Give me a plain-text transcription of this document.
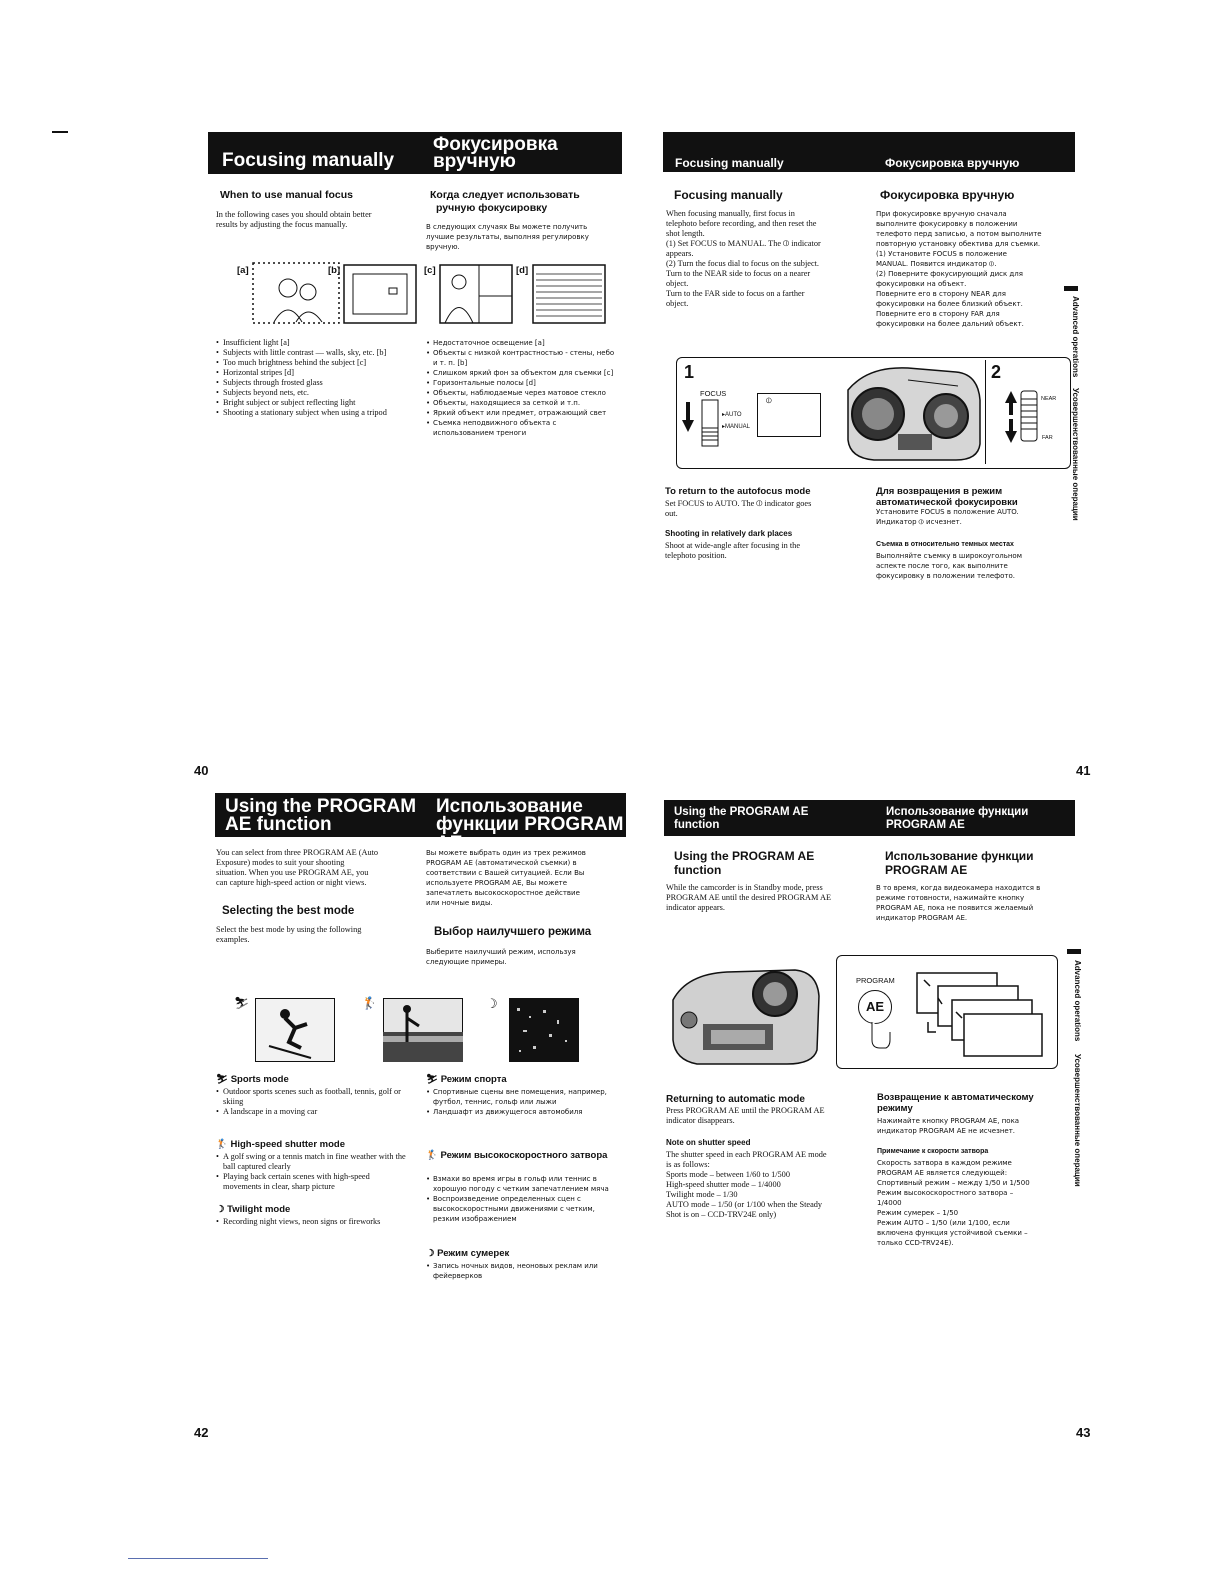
Focusing manually
Фокусировка
вручную
When to use manual focus	Когда следует использовать
ручную фокусировку
In the following cases you should obtain better
results by adjusting the focus manually.	В следующих случаях Вы можете получить
лучшие результаты, выполняя регулировку
вручную.
[a]	[b]	[c]	[d]
• Insufficient light [a]
• Subjects with little contrast — walls, sky, etc. [b]
• Too much brightness behind the subject [c]
• Horizontal stripes [d]
• Subjects through frosted glass
• Subjects beyond nets, etc.
• Bright subject or subject reflecting light
• Shooting a stationary subject when using a tripod
• Недостаточное освещение [a]
• Объекты с низкой контрастностью - стены, небо и т. п. [b]
• Слишком яркий фон за объектом для съемки [c]
• Горизонтальные полосы [d]
• Объекты, наблюдаемые через матовое стекло
• Объекты, находящиеся за сеткой и т.п.
• Яркий объект или предмет, отражающий свет
• Съемка неподвижного объекта с использованием треноги
40
Focusing manually	Фокусировка вручную
Focusing manually	Фокусировка вручную
When focusing manually, first focus in
telephoto before recording, and then reset the
shot length.
(1) Set FOCUS to MANUAL. The ⦶ indicator
appears.
(2) Turn the focus dial to focus on the subject.
Turn to the NEAR side to focus on a nearer
object.
Turn to the FAR side to focus on a farther
object.
При фокусировке вручную сначала
выполните фокусировку в положении
телефото перд записью, а потом выполните
повторную установку обектива для съемки.
(1) Установите FOCUS в положение
MANUAL. Появится индикатор ⦶.
(2) Поверните фокусирующий диск для
фокусировки на объект.
Поверните его в сторону NEAR для
фокусировки на более близкий объект.
Поверните его в сторону FAR для
фокусировки на более дальний объект.
1
FOCUS
▸AUTO
▸MANUAL
⦶
2
NEAR
FAR
To return to the autofocus mode
Set FOCUS to AUTO. The ⦶ indicator goes
out.
Для возвращения в режим
автоматической фокусировки
Установите FOCUS в положение AUTO.
Индикатор ⦶ исчезнет.
Shooting in relatively dark places
Shoot at wide-angle after focusing in the
telephoto position.
Съемка в относительно темных местах
Выполняйте съемку в широкоугольном
аспекте после того, как выполните
фокусировку в положении телефото.
Advanced operations
Усовершенствованные операции
41
Using the PROGRAM
AE function
Использование
функции PROGRAM AE
You can select from three PROGRAM AE (Auto
Exposure) modes to suit your shooting
situation. When you use PROGRAM AE, you
can capture high-speed action or night views.
Вы можете выбрать один из трех режимов
PROGRAM AE (автоматической съемки) в
соответствии с Вашей ситуацией. Если Вы
используете PROGRAM AE, Вы можете
запечатлеть высокоскоростное действие
или ночные виды.
Selecting the best mode
Select the best mode by using the following
examples.
Выбор наилучшего режима
Выберите наилучший режим, используя
следующие примеры.
⛷	🏌	☽
⛷ Sports mode
• Outdoor sports scenes such as football, tennis, golf or skiing
• A landscape in a moving car
🏌 High-speed shutter mode
• A golf swing or a tennis match in fine weather with the ball captured clearly
• Playing back certain scenes with high-speed movements in clear, sharp picture
☽ Twilight mode
• Recording night views, neon signs or fireworks
⛷ Режим спорта
• Спортивные сцены вне помещения, например, футбол, теннис, гольф или лыжи
• Ландшафт из движущегося автомобиля
🏌 Режим высокоскоростного затвора
• Взмахи во время игры в гольф или теннис в хорошую погоду с четким запечатлением мяча
• Воспроизведение определенных сцен с высокоскоростными движениями с четким, резким изображением
☽ Режим сумерек
• Запись ночных видов, неоновых реклам или фейерверков
42
Using the PROGRAM AE
function
Использование функции
PROGRAM AE
Using the PROGRAM AE
function
Использование функции
PROGRAM AE
While the camcorder is in Standby mode, press
PROGRAM AE until the desired PROGRAM AE
indicator appears.
В то время, когда видеокамера находится в
режиме готовности, нажимайте кнопку
PROGRAM AE, пока не появится желаемый
индикатор PROGRAM AE.
PROGRAM
AE
Returning to automatic mode
Press PROGRAM AE until the PROGRAM AE
indicator disappears.
Note on shutter speed
The shutter speed in each PROGRAM AE mode
is as follows:
Sports mode – between 1/60 to 1/500
High-speed shutter mode – 1/4000
Twilight mode – 1/30
AUTO mode – 1/50 (or 1/100 when the Steady
Shot is on – CCD-TRV24E only)
Возвращение к автоматическому
режиму
Нажимайте кнопку PROGRAM AE, пока
индикатор PROGRAM AE не исчезнет.
Примечание к скорости затвора
Скорость затвора в каждом режиме
PROGRAM AE является следующей:
Спортивный режим – между 1/50 и 1/500
Режим высокоскоростного затвора –
1/4000
Режим сумерек – 1/50
Режим AUTO – 1/50 (или 1/100, если
включена функция устойчивой съемки –
только CCD-TRV24E).
Advanced operations
Усовершенствованные операции
43
